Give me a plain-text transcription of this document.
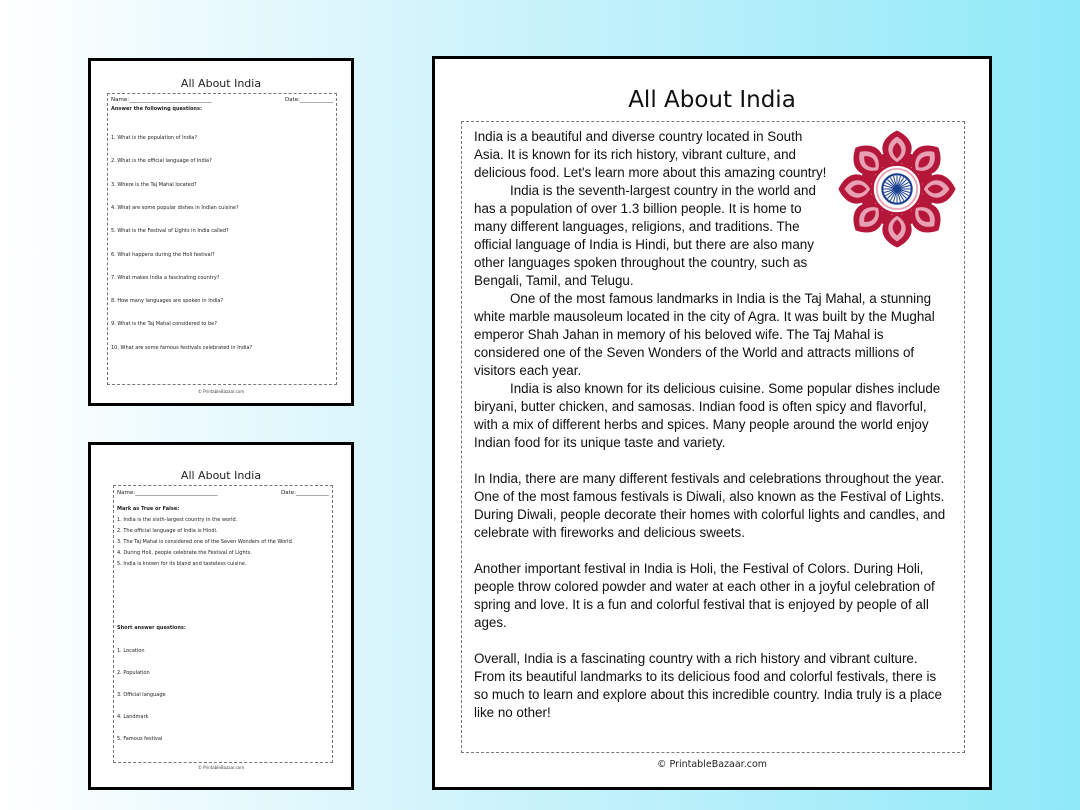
All About India
Name:______________________________	Date:____________
Answer the following questions:
1. What is the population of India?
2. What is the official language of India?
3. Where is the Taj Mahal located?
4. What are some popular dishes in Indian cuisine?
5. What is the Festival of Lights in India called?
6. What happens during the Holi festival?
7. What makes India a fascinating country?
8. How many languages are spoken in India?
9. What is the Taj Mahal considered to be?
10. What are some famous festivals celebrated in India?
© PrintableBazaar.com
All About India
Name:______________________________	Date:____________
Mark as True or False:
1. India is the sixth-largest country in the world.
2. The official language of India is Hindi.
3. The Taj Mahal is considered one of the Seven Wonders of the World.
4. During Holi, people celebrate the Festival of Lights.
5. India is known for its bland and tasteless cuisine.
Short answer questions:
1. Location
2. Population
3. Official language
4. Landmark
5. Famous festival
© PrintableBazaar.com
All About India

India is a beautiful and diverse country located in South Asia. It is known for its rich history, vibrant culture, and delicious food. Let's learn more about this amazing country!

India is the seventh-largest country in the world and has a population of over 1.3 billion people. It is home to many different languages, religions, and traditions. The official language of India is Hindi, but there are also many other languages spoken throughout the country, such as Bengali, Tamil, and Telugu.

One of the most famous landmarks in India is the Taj Mahal, a stunning white marble mausoleum located in the city of Agra. It was built by the Mughal emperor Shah Jahan in memory of his beloved wife. The Taj Mahal is considered one of the Seven Wonders of the World and attracts millions of visitors each year.

India is also known for its delicious cuisine. Some popular dishes include biryani, butter chicken, and samosas. Indian food is often spicy and flavorful, with a mix of different herbs and spices. Many people around the world enjoy Indian food for its unique taste and variety.

In India, there are many different festivals and celebrations throughout the year. One of the most famous festivals is Diwali, also known as the Festival of Lights. During Diwali, people decorate their homes with colorful lights and candles, and celebrate with fireworks and delicious sweets.

Another important festival in India is Holi, the Festival of Colors. During Holi, people throw colored powder and water at each other in a joyful celebration of spring and love. It is a fun and colorful festival that is enjoyed by people of all ages.

Overall, India is a fascinating country with a rich history and vibrant culture. From its beautiful landmarks to its delicious food and colorful festivals, there is so much to learn and explore about this incredible country. India truly is a place like no other!

© PrintableBazaar.com
